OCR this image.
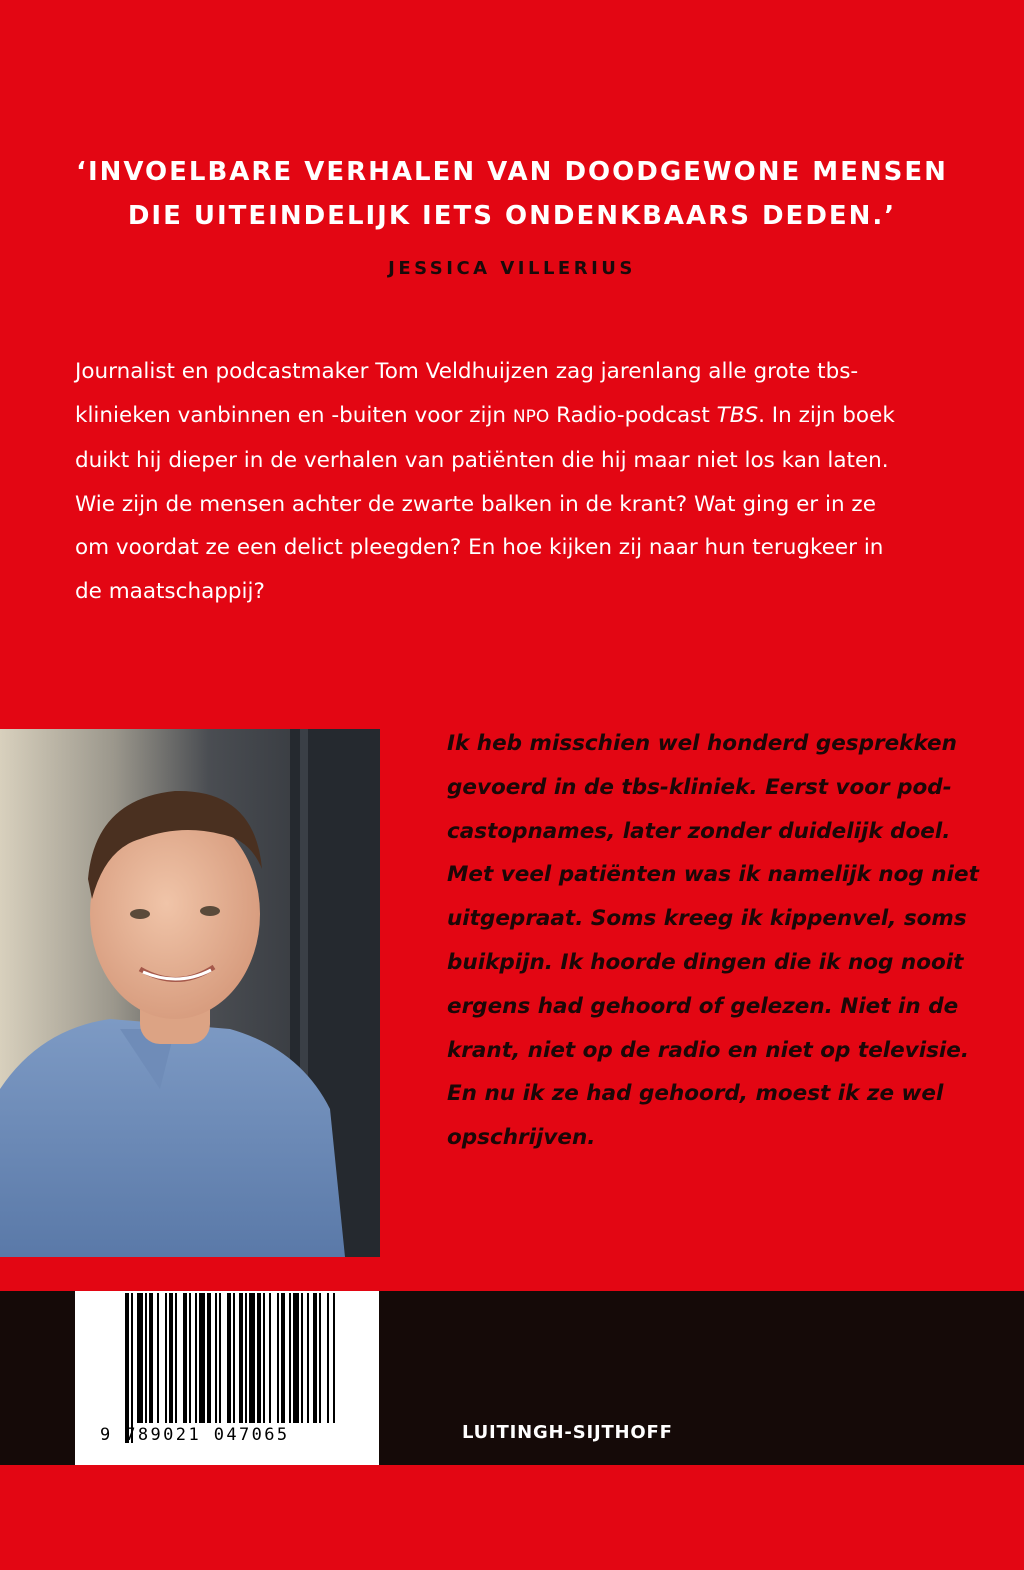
‘INVOELBARE VERHALEN VAN DOODGEWONE MENSEN
DIE UITEINDELIJK IETS ONDENKBAARS DEDEN.’
JESSICA VILLERIUS
Journalist en podcastmaker Tom Veldhuijzen zag jarenlang alle grote tbs-
klinieken vanbinnen en -buiten voor zijn NPO Radio-podcast TBS. In zijn boek
duikt hij dieper in de verhalen van patiënten die hij maar niet los kan laten.
Wie zijn de mensen achter de zwarte balken in de krant? Wat ging er in ze
om voordat ze een delict pleegden? En hoe kijken zij naar hun terugkeer in
de maatschappij?
Ik heb misschien wel honderd gesprekken
gevoerd in de tbs-kliniek. Eerst voor pod-
castopnames, later zonder duidelijk doel.
Met veel patiënten was ik namelijk nog niet
uitgepraat. Soms kreeg ik kippenvel, soms
buikpijn. Ik hoorde dingen die ik nog nooit
ergens had gehoord of gelezen. Niet in de
krant, niet op de radio en niet op televisie.
En nu ik ze had gehoord, moest ik ze wel
opschrijven.
9 789021 047065	LUITINGH-SIJTHOFF
